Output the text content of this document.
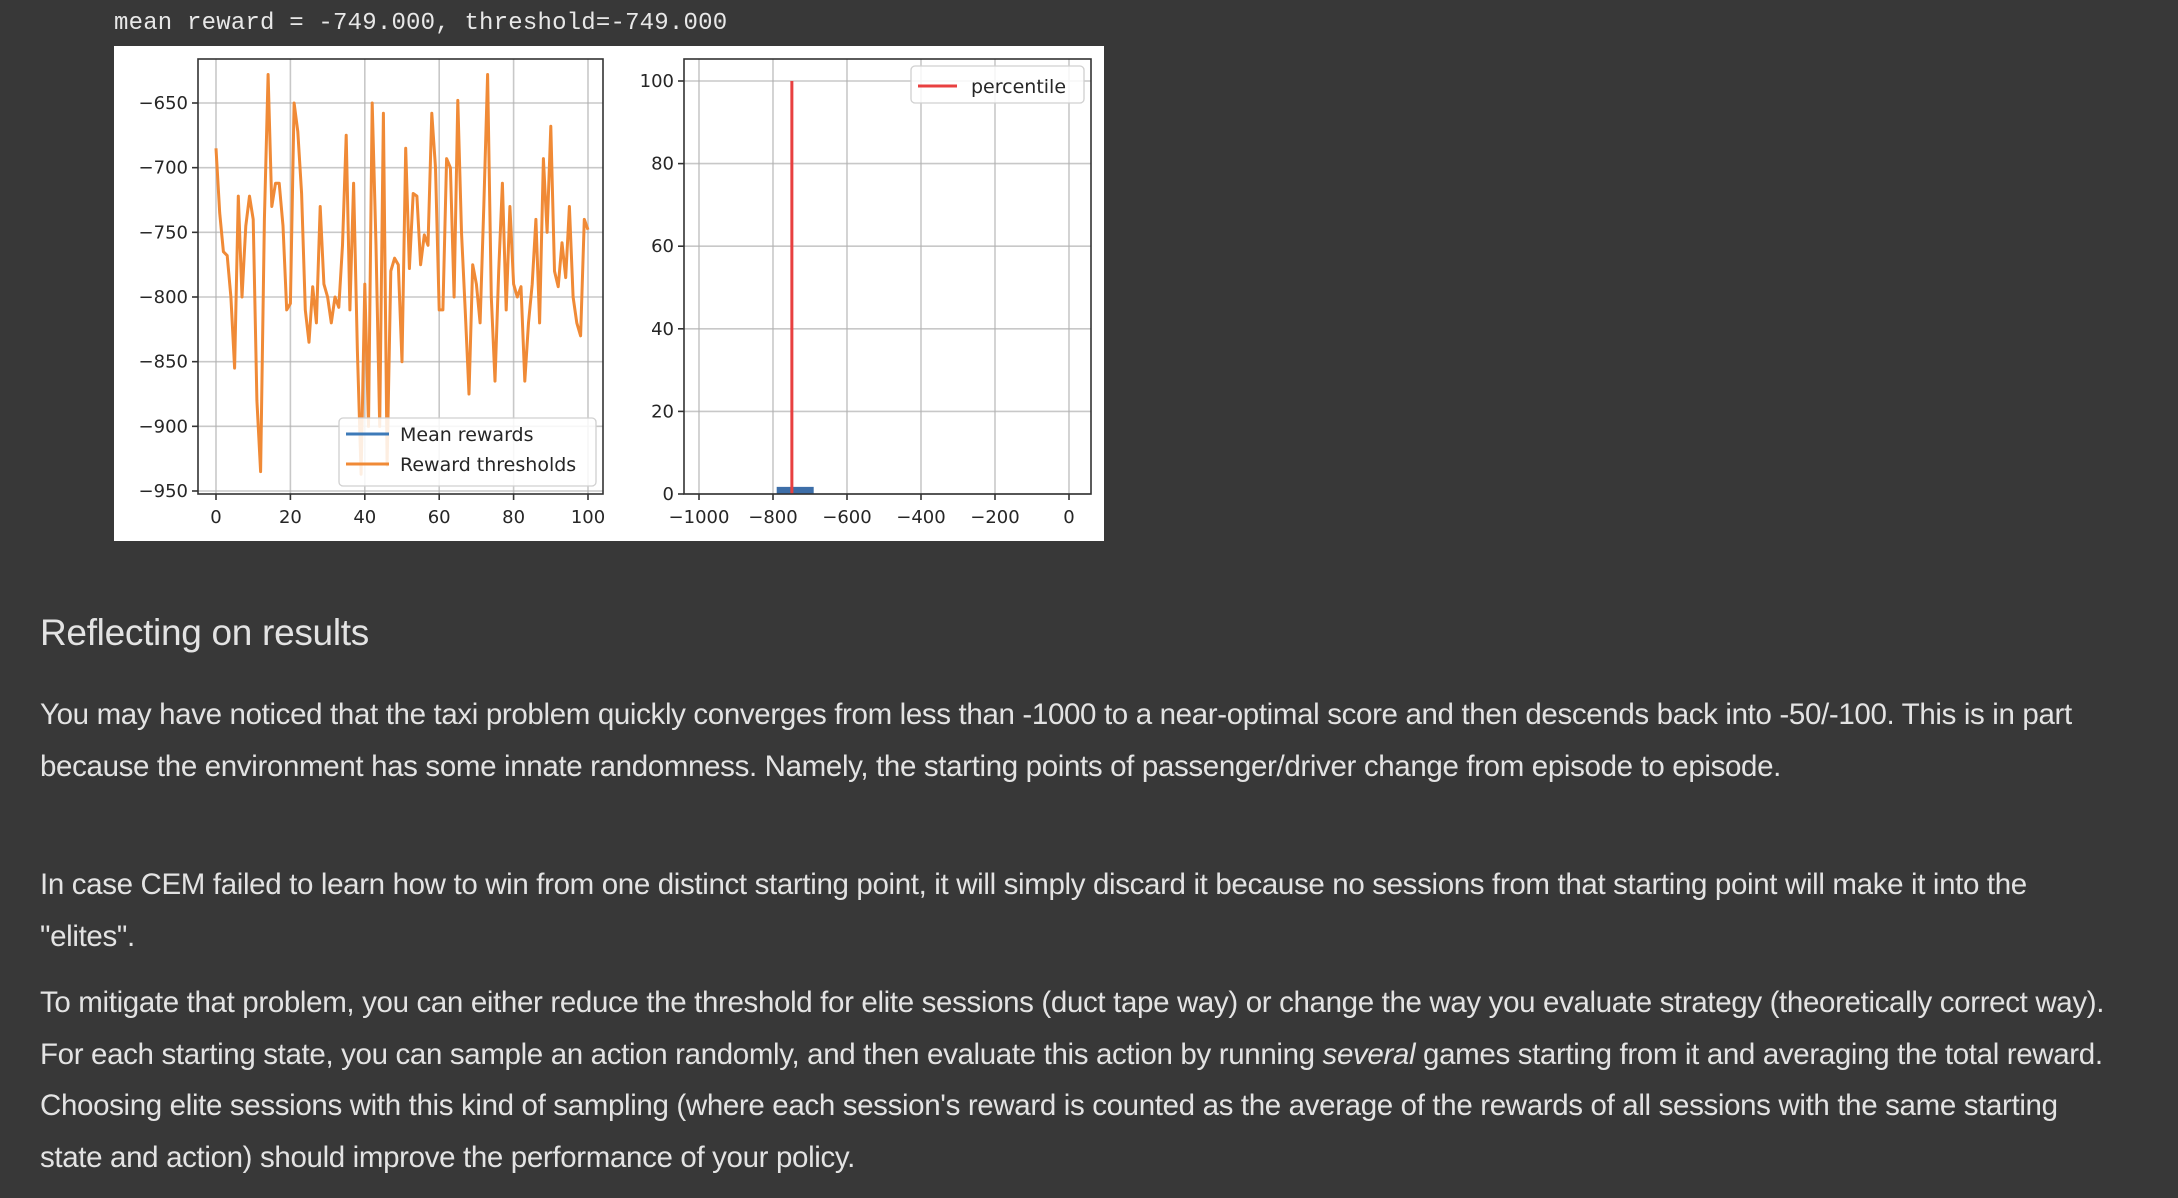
mean reward = -749.000, threshold=-749.000
0	20	40	60	80	100
−650
−700
−750
−800
−850
−900
−950
Mean rewards
Reward thresholds
−1000 −800 −600 −400 −200 0
100
80
60
40
20
0
percentile
Reflecting on results

You may have noticed that the taxi problem quickly converges from less than -1000 to a near-optimal score and then descends back into -50/-100. This is in part because the environment has some innate randomness. Namely, the starting points of passenger/driver change from episode to episode.

In case CEM failed to learn how to win from one distinct starting point, it will simply discard it because no sessions from that starting point will make it into the "elites".

To mitigate that problem, you can either reduce the threshold for elite sessions (duct tape way) or change the way you evaluate strategy (theoretically correct way). For each starting state, you can sample an action randomly, and then evaluate this action by running several games starting from it and averaging the total reward. Choosing elite sessions with this kind of sampling (where each session's reward is counted as the average of the rewards of all sessions with the same starting state and action) should improve the performance of your policy.
